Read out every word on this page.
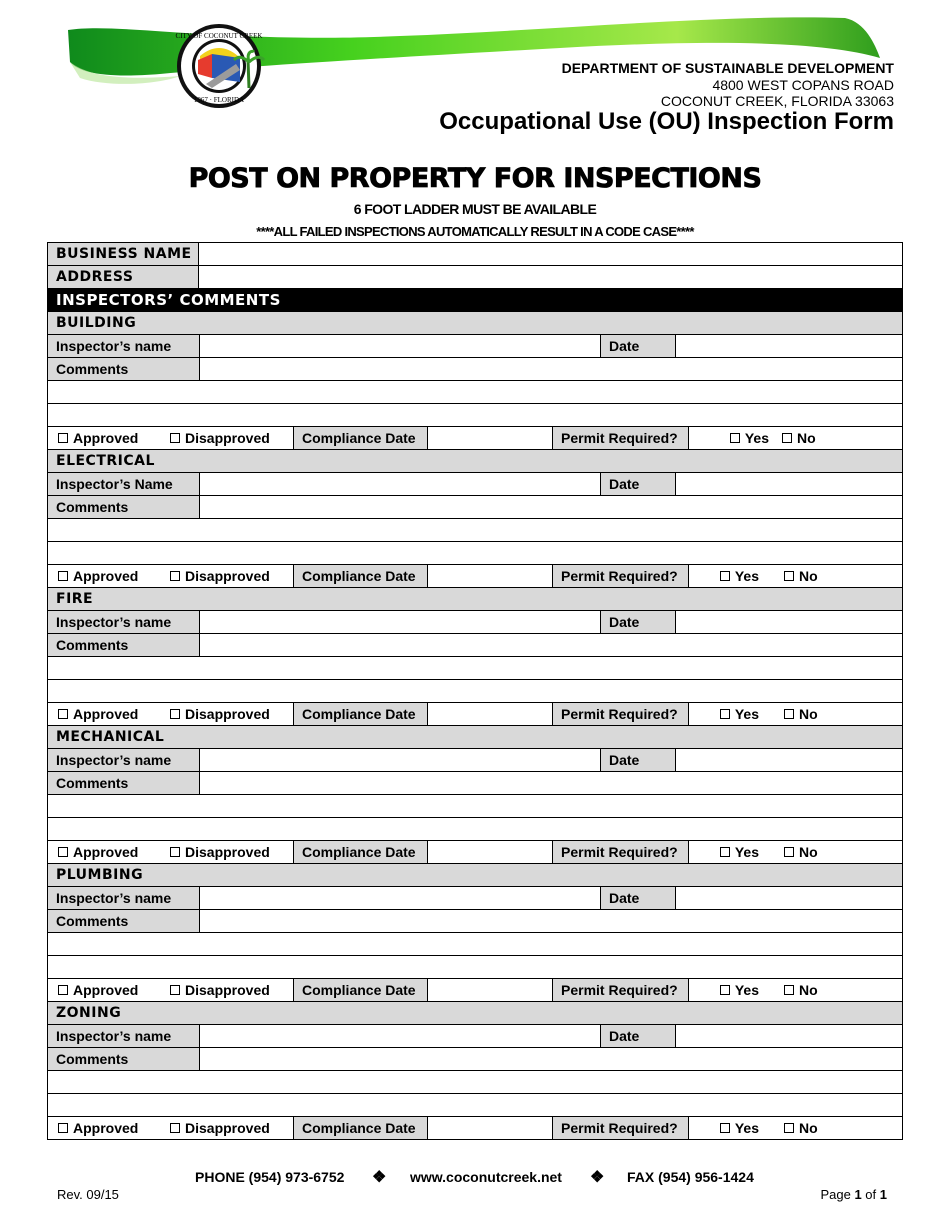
CITY OF COCONUT CREEK
1967 · FLORIDA
DEPARTMENT OF SUSTAINABLE DEVELOPMENT
4800 WEST COPANS ROAD
COCONUT CREEK, FLORIDA 33063
Occupational Use (OU) Inspection Form
POST ON PROPERTY FOR INSPECTIONS
6 FOOT LADDER MUST BE AVAILABLE
****ALL FAILED INSPECTIONS AUTOMATICALLY RESULT IN A CODE CASE****
BUSINESS NAME
ADDRESS
INSPECTORS’ COMMENTS
BUILDING
Inspector’s name	Date
Comments
Approved	Disapproved	Compliance Date	Permit Required?	Yes No
ELECTRICAL
Inspector’s Name	Date
Comments
Approved	Disapproved	Compliance Date	Permit Required?	Yes	No
FIRE
Inspector’s name	Date
Comments
Approved	Disapproved	Compliance Date	Permit Required?	Yes	No
MECHANICAL
Inspector’s name	Date
Comments
Approved	Disapproved	Compliance Date	Permit Required?	Yes	No
PLUMBING
Inspector’s name	Date
Comments
Approved	Disapproved	Compliance Date	Permit Required?	Yes	No
ZONING
Inspector’s name	Date
Comments
Approved	Disapproved	Compliance Date	Permit Required?	Yes	No
PHONE (954) 973-6752 ❖ www.coconutcreek.net ❖ FAX (954) 956-1424
Rev. 09/15	Page 1 of 1
